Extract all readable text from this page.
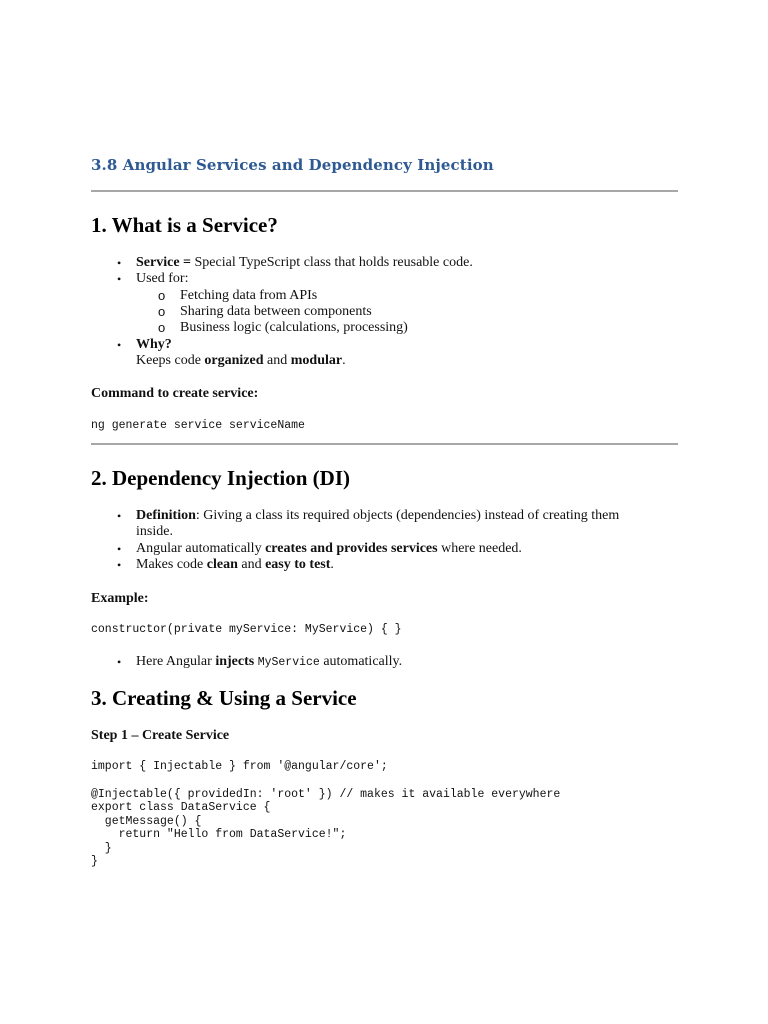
3.8 Angular Services and Dependency Injection
1. What is a Service?
• Service = Special TypeScript class that holds reusable code.
• Used for:
o Fetching data from APIs
o Sharing data between components
o Business logic (calculations, processing)
• Why?
Keeps code organized and modular.
Command to create service:
ng generate service serviceName
2. Dependency Injection (DI)
• Definition: Giving a class its required objects (dependencies) instead of creating them
inside.
• Angular automatically creates and provides services where needed.
• Makes code clean and easy to test.
Example:
constructor(private myService: MyService) { }
• Here Angular injects MyService automatically.
3. Creating & Using a Service
Step 1 – Create Service
import { Injectable } from '@angular/core';
@Injectable({ providedIn: 'root' }) // makes it available everywhere
export class DataService {
getMessage() {
return "Hello from DataService!";
}
}
